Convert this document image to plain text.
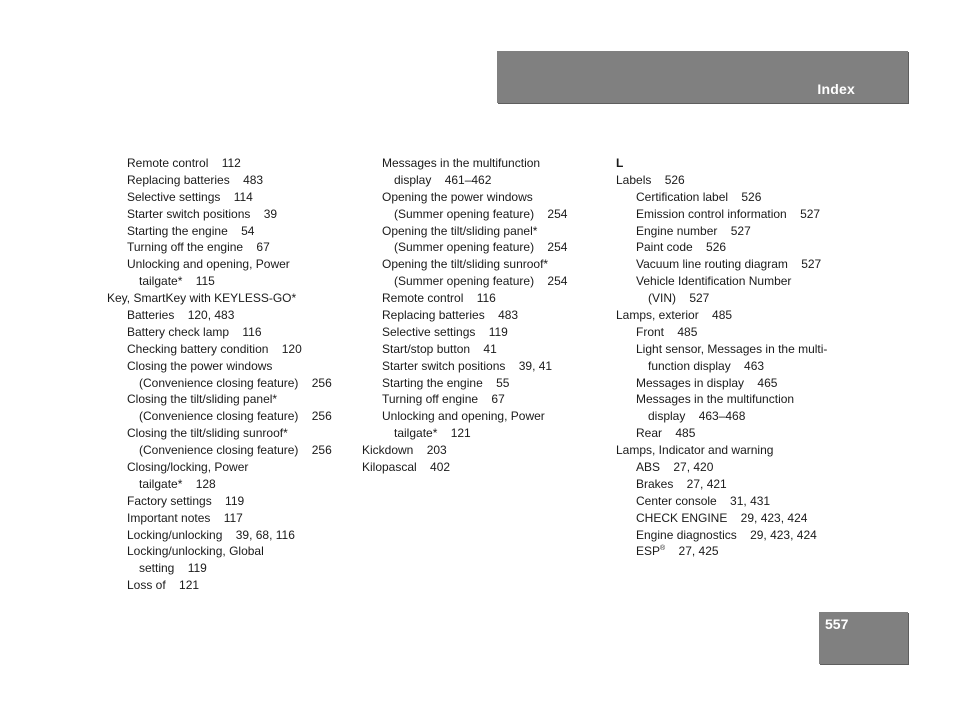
Index
Remote control    112
Replacing batteries    483
Selective settings    114
Starter switch positions    39
Starting the engine    54
Turning off the engine    67
Unlocking and opening, Power
tailgate*    115
Key, SmartKey with KEYLESS-GO*
Batteries    120, 483
Battery check lamp    116
Checking battery condition    120
Closing the power windows
(Convenience closing feature)    256
Closing the tilt/sliding panel*
(Convenience closing feature)    256
Closing the tilt/sliding sunroof*
(Convenience closing feature)    256
Closing/locking, Power
tailgate*    128
Factory settings    119
Important notes    117
Locking/unlocking    39, 68, 116
Locking/unlocking, Global
setting    119
Loss of    121
Messages in the multifunction
display    461–462
Opening the power windows
(Summer opening feature)    254
Opening the tilt/sliding panel*
(Summer opening feature)    254
Opening the tilt/sliding sunroof*
(Summer opening feature)    254
Remote control    116
Replacing batteries    483
Selective settings    119
Start/stop button    41
Starter switch positions    39, 41
Starting the engine    55
Turning off engine    67
Unlocking and opening, Power
tailgate*    121
Kickdown    203
Kilopascal    402
L
Labels    526
Certification label    526
Emission control information    527
Engine number    527
Paint code    526
Vacuum line routing diagram    527
Vehicle Identification Number
(VIN)    527
Lamps, exterior    485
Front    485
Light sensor, Messages in the multi-
function display    463
Messages in display    465
Messages in the multifunction
display    463–468
Rear    485
Lamps, Indicator and warning
ABS    27, 420
Brakes    27, 421
Center console    31, 431
CHECK ENGINE    29, 423, 424
Engine diagnostics    29, 423, 424
ESP®    27, 425
557
